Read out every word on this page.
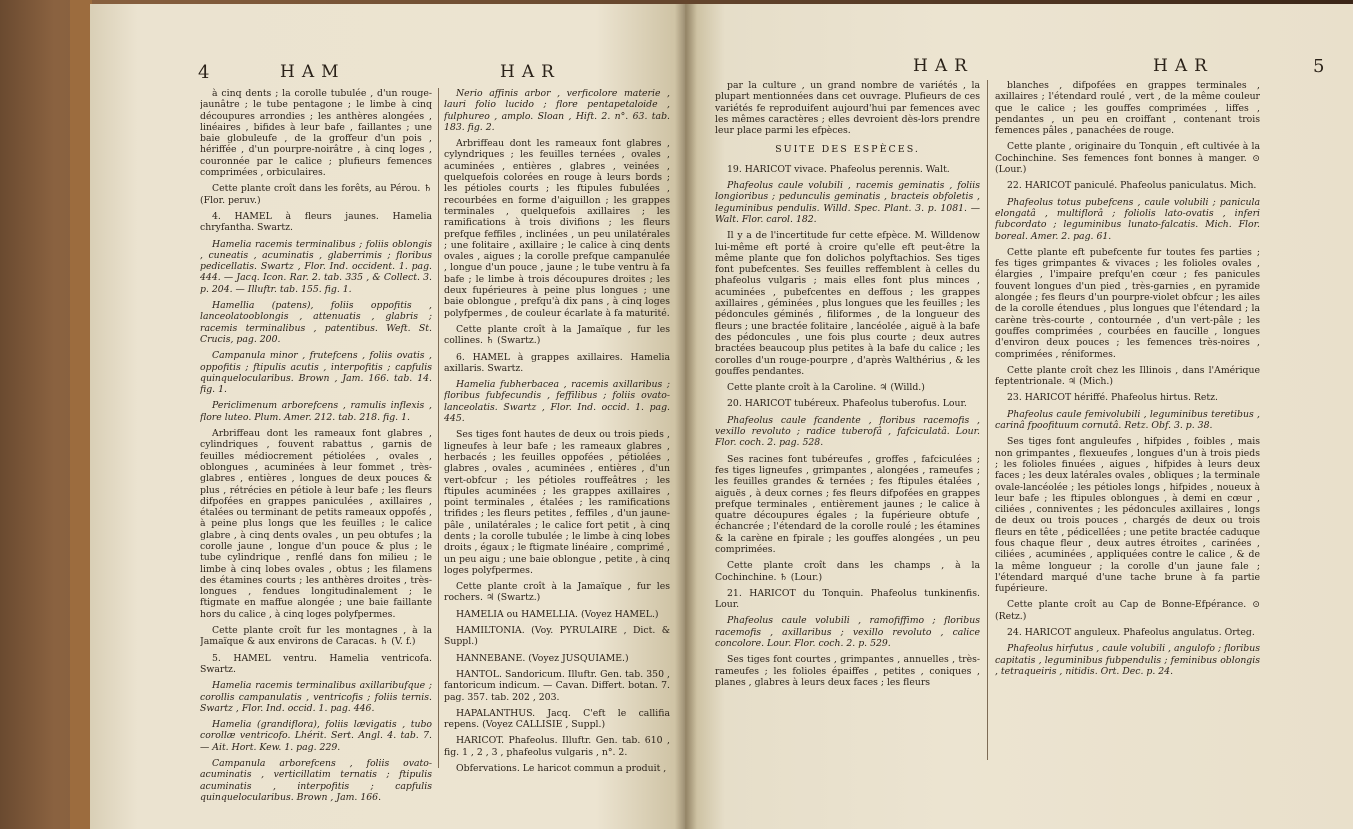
4	HAM	HAR

à cinq dents ; la corolle tubulée , d'un rouge-jaunâtre ; le tube pentagone ; le limbe à cinq découpures arrondies ; les anthères alongées , linéaires , bifides à leur bafe , faillantes ; une baie globuleufe , de la groffeur d'un pois , hériffée , d'un pourpre-noirâtre , à cinq loges , couronnée par le calice ; plufieurs femences comprimées , orbiculaires.

Cette plante croît dans les forêts, au Pérou. ♄ (Flor. peruv.)

4. HAMEL à fleurs jaunes. Hamelia chryfantha. Swartz.

Hamelia racemis terminalibus ; foliis oblongis , cuneatis , acuminatis , glaberrimis ; floribus pedicellatis. Swartz , Flor. Ind. occident. 1. pag. 444. — Jacq. Icon. Rar. 2. tab. 335 , & Collect. 3. p. 204. — Illuftr. tab. 155. fig. 1.

Hamellia (patens), foliis oppofitis , lanceolatooblongis , attenuatis , glabris ; racemis terminalibus , patentibus. Weft. St. Crucis, pag. 200.

Campanula minor , frutefcens , foliis ovatis , oppofitis ; ftipulis acutis , interpofitis ; capfulis quinquelocularibus. Brown , Jam. 166. tab. 14. fig. 1.

Periclimenum arborefcens , ramulis inflexis , flore luteo. Plum. Amer. 212. tab. 218. fig. 1.

Arbriffeau dont les rameaux font glabres , cylindriques , fouvent rabattus , garnis de feuilles médiocrement pétiolées , ovales , oblongues , acuminées à leur fommet , très-glabres , entières , longues de deux pouces & plus , rétrécies en pétiole à leur bafe ; les fleurs difpofées en grappes paniculées , axillaires , étalées ou terminant de petits rameaux oppofés , à peine plus longs que les feuilles ; le calice glabre , à cinq dents ovales , un peu obtufes ; la corolle jaune , longue d'un pouce & plus ; le tube cylindrique , renflé dans fon milieu ; le limbe à cinq lobes ovales , obtus ; les filamens des étamines courts ; les anthères droites , très-longues , fendues longitudinalement ; le ftigmate en maffue alongée ; une baie faillante hors du calice , à cinq loges polyfpermes.

Cette plante croît fur les montagnes , à la Jamaïque & aux environs de Caracas. ♄ (V. f.)

5. HAMEL ventru. Hamelia ventricofa. Swartz.

Hamelia racemis terminalibus axillaribufque ; corollis campanulatis , ventricofis ; foliis ternis. Swartz , Flor. Ind. occid. 1. pag. 446.

Hamelia (grandiflora), foliis lævigatis , tubo corollæ ventricofo. Lhérit. Sert. Angl. 4. tab. 7. — Ait. Hort. Kew. 1. pag. 229.

Campanula arborefcens , foliis ovato-acuminatis , verticillatim ternatis ; ftipulis acuminatis , interpofitis ; capfulis quinquelocularibus. Brown , Jam. 166.

Nerio affinis arbor , verficolore materie , lauri folio lucido ; flore pentapetaloide , fulphureo , amplo. Sloan , Hift. 2. n°. 63. tab. 183. fig. 2.

Arbriffeau dont les rameaux font glabres , cylyndriques ; les feuilles ternées , ovales , acuminées , entières , glabres , veinées , quelquefois colorées en rouge à leurs bords ; les pétioles courts ; les ftipules fubulées , recourbées en forme d'aiguillon ; les grappes terminales , quelquefois axillaires ; les ramifications à trois divifions ; les fleurs prefque feffiles , inclinées , un peu unilatérales ; une folitaire , axillaire ; le calice à cinq dents ovales , aigues ; la corolle prefque campanulée , longue d'un pouce , jaune ; le tube ventru à fa bafe ; le limbe à trois découpures droites ; les deux fupérieures à peine plus longues ; une baie oblongue , prefqu'à dix pans , à cinq loges polyfpermes , de couleur écarlate à fa maturité.

Cette plante croît à la Jamaïque , fur les collines. ♄ (Swartz.)

6. HAMEL à grappes axillaires. Hamelia axillaris. Swartz.

Hamelia fubherbacea , racemis axillaribus ; floribus fubfecundis , feffilibus ; foliis ovato-lanceolatis. Swartz , Flor. Ind. occid. 1. pag. 445.

Ses tiges font hautes de deux ou trois pieds , ligneufes à leur bafe ; les rameaux glabres , herbacés ; les feuilles oppofées , pétiolées , glabres , ovales , acuminées , entières , d'un vert-obfcur ; les pétioles rouffeâtres ; les ftipules acuminées ; les grappes axillaires , point terminales , étalées ; les ramifications trifides ; les fleurs petites , feffiles , d'un jaune-pâle , unilatérales ; le calice fort petit , à cinq dents ; la corolle tubulée ; le limbe à cinq lobes droits , égaux ; le ftigmate linéaire , comprimé , un peu aigu ; une baie oblongue , petite , à cinq loges polyfpermes.

Cette plante croît à la Jamaïque , fur les rochers. ♃ (Swartz.)

HAMELIA ou HAMELLIA. (Voyez HAMEL.)

HAMILTONIA. (Voy. PYRULAIRE , Dict. & Suppl.)

HANNEBANE. (Voyez JUSQUIAME.)

HANTOL. Sandoricum. Illuftr. Gen. tab. 350 , fantoricum indicum. — Cavan. Differt. botan. 7. pag. 357. tab. 202 , 203.

HAPALANTHUS. Jacq. C'eft le callifia repens. (Voyez CALLISIE , Suppl.)

HARICOT. Phafeolus. Illuftr. Gen. tab. 610 , fig. 1 , 2 , 3 , phafeolus vulgaris , n°. 2.

Obfervations. Le haricot commun a produit ,

HAR	HAR	5

par la culture , un grand nombre de variétés , la plupart mentionnées dans cet ouvrage. Plufieurs de ces variétés fe reproduifent aujourd'hui par femences avec les mêmes caractères ; elles devroient dès-lors prendre leur place parmi les efpèces.

SUITE DES ESPÈCES.

19. HARICOT vivace. Phafeolus perennis. Walt.

Phafeolus caule volubili , racemis geminatis , foliis longioribus ; pedunculis geminatis , bracteis obfoletis , leguminibus pendulis. Willd. Spec. Plant. 3. p. 1081. — Walt. Flor. carol. 182.

Il y a de l'incertitude fur cette efpèce. M. Willdenow lui-même eft porté à croire qu'elle eft peut-être la même plante que fon dolichos polyftachios. Ses tiges font pubefcentes. Ses feuilles reffemblent à celles du phafeolus vulgaris ; mais elles font plus minces , acuminées , pubefcentes en deffous ; les grappes axillaires , géminées , plus longues que les feuilles ; les pédoncules géminés , filiformes , de la longueur des fleurs ; une bractée folitaire , lancéolée , aiguë à la bafe des pédoncules , une fois plus courte ; deux autres bractées beaucoup plus petites à la bafe du calice ; les corolles d'un rouge-pourpre , d'après Walthérius , & les gouffes pendantes.

Cette plante croît à la Caroline. ♃ (Willd.)

20. HARICOT tubéreux. Phafeolus tuberofus. Lour.

Phafeolus caule fcandente , floribus racemofis , vexillo revoluto ; radice tuberofâ , fafciculatâ. Lour. Flor. coch. 2. pag. 528.

Ses racines font tubéreufes , groffes , fafciculées ; fes tiges ligneufes , grimpantes , alongées , rameufes ; les feuilles grandes & ternées ; fes ftipules étalées , aiguës , à deux cornes ; fes fleurs difpofées en grappes prefque terminales , entièrement jaunes ; le calice à quatre découpures égales ; la fupérieure obtufe , échancrée ; l'étendard de la corolle roulé ; les étamines & la carène en fpirale ; les gouffes alongées , un peu comprimées.

Cette plante croît dans les champs , à la Cochinchine. ♄ (Lour.)

21. HARICOT du Tonquin. Phafeolus tunkinenfis. Lour.

Phafeolus caule volubili , ramofiffimo ; floribus racemofis , axillaribus ; vexillo revoluto , calice concolore. Lour. Flor. coch. 2. p. 529.

Ses tiges font courtes , grimpantes , annuelles , très-rameufes ; les folioles épaiffes , petites , coniques , planes , glabres à leurs deux faces ; les fleurs

blanches , difpofées en grappes terminales , axillaires ; l'étendard roulé , vert , de la même couleur que le calice ; les gouffes comprimées , liffes , pendantes , un peu en croiffant , contenant trois femences pâles , panachées de rouge.

Cette plante , originaire du Tonquin , eft cultivée à la Cochinchine. Ses femences font bonnes à manger. ⊙ (Lour.)

22. HARICOT paniculé. Phafeolus paniculatus. Mich.

Phafeolus totus pubefcens , caule volubili ; panicula elongatâ , multiflorâ ; foliolis lato-ovatis , inferi fubcordato ; leguminibus lunato-falcatis. Mich. Flor. boreal. Amer. 2. pag. 61.

Cette plante eft pubefcente fur toutes fes parties ; fes tiges grimpantes & vivaces ; les folioles ovales , élargies , l'impaire prefqu'en cœur ; fes panicules fouvent longues d'un pied , très-garnies , en pyramide alongée ; fes fleurs d'un pourpre-violet obfcur ; les ailes de la corolle étendues , plus longues que l'étendard ; la carène très-courte , contournée , d'un vert-pâle ; les gouffes comprimées , courbées en faucille , longues d'environ deux pouces ; les femences très-noires , comprimées , réniformes.

Cette plante croît chez les Illinois , dans l'Amérique feptentrionale. ♃ (Mich.)

23. HARICOT hériffé. Phafeolus hirtus. Retz.

Phafeolus caule femivolubili , leguminibus teretibus , carinâ fpoofituum cornutâ. Retz. Obf. 3. p. 38.

Ses tiges font anguleufes , hifpides , foibles , mais non grimpantes , flexueufes , longues d'un à trois pieds ; les folioles finuées , aigues , hifpides à leurs deux faces ; les deux latérales ovales , obliques ; la terminale ovale-lancéolée ; les pétioles longs , hifpides , noueux à leur bafe ; les ftipules oblongues , à demi en cœur , ciliées , conniventes ; les pédoncules axillaires , longs de deux ou trois pouces , chargés de deux ou trois fleurs en tête , pédicellées ; une petite bractée caduque fous chaque fleur , deux autres étroites , carinées , ciliées , acuminées , appliquées contre le calice , & de la même longueur ; la corolle d'un jaune fale ; l'étendard marqué d'une tache brune à fa partie fupérieure.

Cette plante croît au Cap de Bonne-Efpérance. ⊙ (Retz.)

24. HARICOT anguleux. Phafeolus angulatus. Orteg.

Phafeolus hirfutus , caule volubili , angulofo ; floribus capitatis , leguminibus fubpendulis ; feminibus oblongis , tetraqueiris , nitidis. Ort. Dec. p. 24.
